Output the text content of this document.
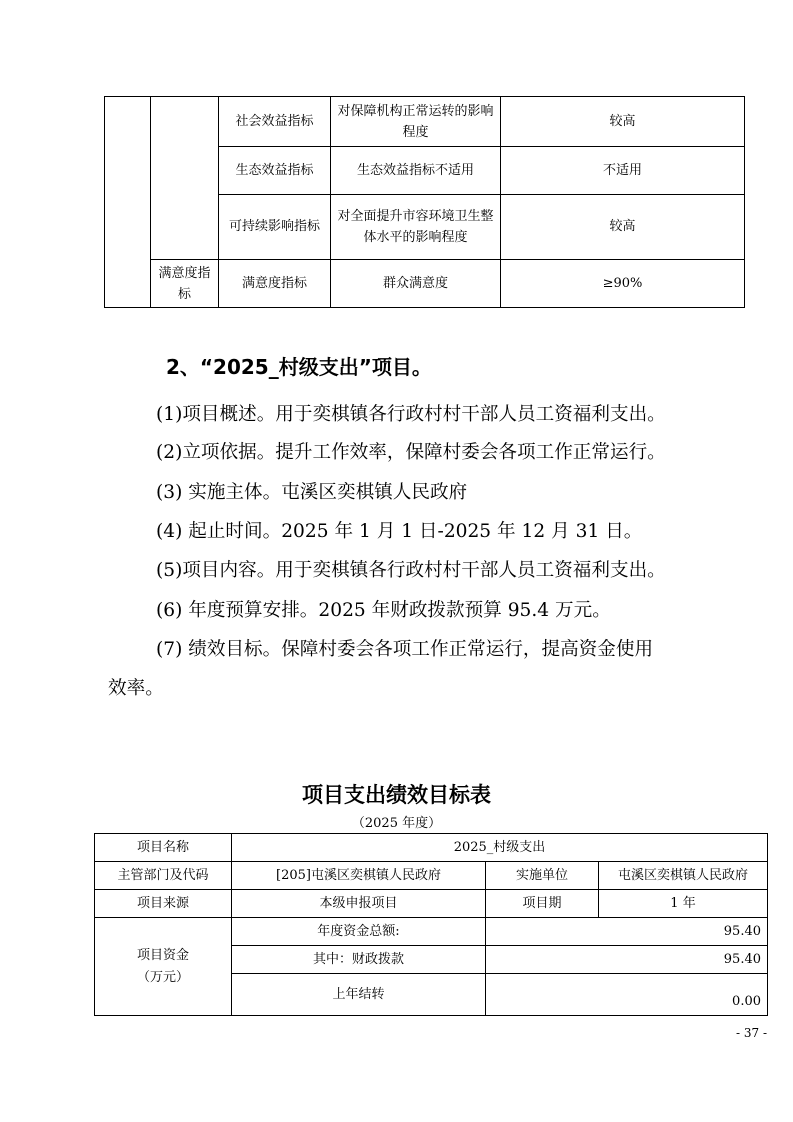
		社会效益指标	对保障机构正常运转的影响程度	较高
		生态效益指标	生态效益指标不适用	不适用
		可持续影响指标	对全面提升市容环境卫生整体水平的影响程度	较高
	满意度指标	满意度指标	群众满意度	≥90%
2、“2025_村级支出”项目。
(1)项目概述。用于奕棋镇各行政村村干部人员工资福利支出。
(2)立项依据。提升工作效率，保障村委会各项工作正常运行。
(3) 实施主体。屯溪区奕棋镇人民政府
(4) 起止时间。2025 年 1 月 1 日-2025 年 12 月 31 日。
(5)项目内容。用于奕棋镇各行政村村干部人员工资福利支出。
(6) 年度预算安排。2025 年财政拨款预算 95.4 万元。
(7) 绩效目标。保障村委会各项工作正常运行，提高资金使用
效率。
项目支出绩效目标表
（2025 年度）
项目名称	2025_村级支出		
主管部门及代码	[205]屯溪区奕棋镇人民政府	实施单位	屯溪区奕棋镇人民政府
项目来源	本级申报项目	项目期	1 年

项目资金
（万元）	年度资金总额:	95.40	
	其中：财政拨款	95.40	
	上年结转	0.00	
- 37 -
